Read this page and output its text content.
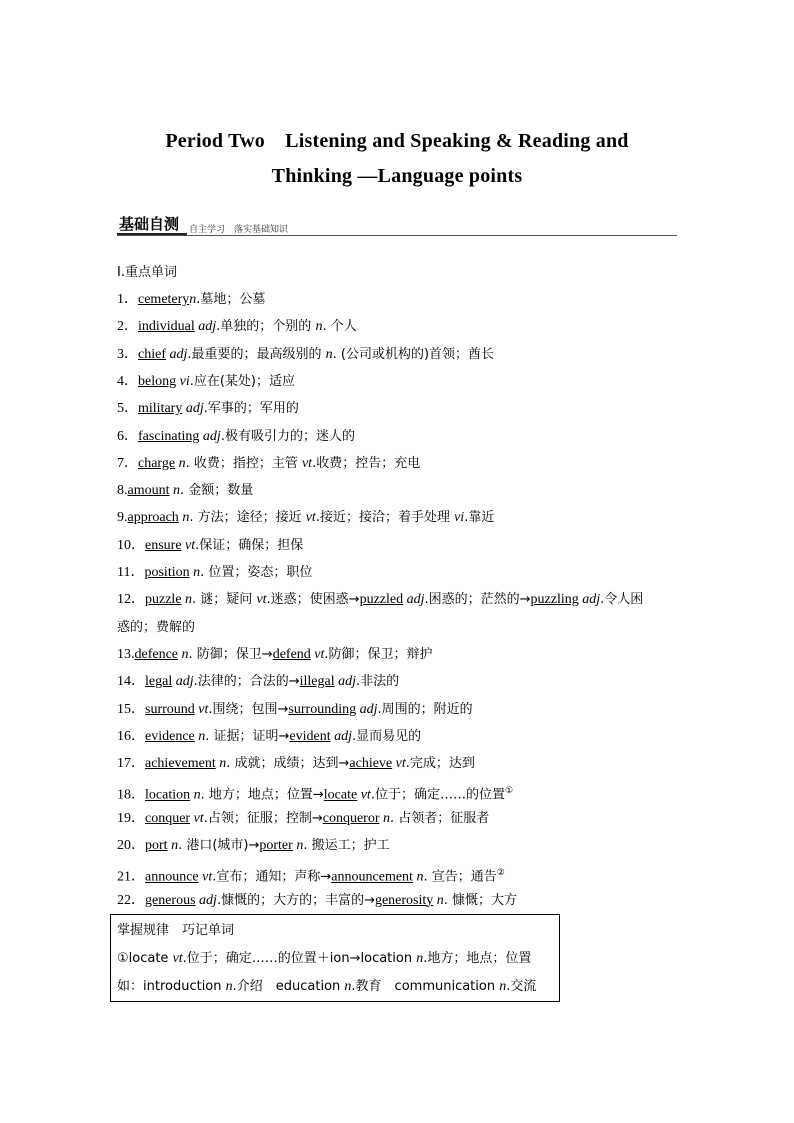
Period Two　Listening and Speaking & Reading and
Thinking —Language points
基础自测 自主学习　落实基础知识
Ⅰ.重点单词
1．cemeteryn.墓地；公墓
2．individual adj.单独的；个别的 n. 个人
3．chief adj.最重要的；最高级别的 n. (公司或机构的)首领；酋长
4．belong vi.应在(某处)；适应
5．military adj.军事的；军用的
6．fascinating adj.极有吸引力的；迷人的
7．charge n. 收费；指控；主管 vt.收费；控告；充电
8.amount n. 金额；数量
9.approach n. 方法；途径；接近 vt.接近；接洽；着手处理 vi.靠近
10．ensure vt.保证；确保；担保
11．position n. 位置；姿态；职位
12．puzzle n. 谜；疑问 vt.迷惑；使困惑→puzzled adj.困惑的；茫然的→puzzling adj.令人困
惑的；费解的
13.defence n. 防御；保卫→defend vt.防御；保卫；辩护
14．legal adj.法律的；合法的→illegal adj.非法的
15．surround vt.围绕；包围→surrounding adj.周围的；附近的
16．evidence n. 证据；证明→evident adj.显而易见的
17．achievement n. 成就；成绩；达到→achieve vt.完成；达到
18．location n. 地方；地点；位置→locate vt.位于；确定……的位置①
19．conquer vt.占领；征服；控制→conqueror n. 占领者；征服者
20．port n. 港口(城市)→porter n. 搬运工；护工
21．announce vt.宣布；通知；声称→announcement n. 宣告；通告②
22．generous adj.慷慨的；大方的；丰富的→generosity n. 慷慨；大方
掌握规律　巧记单词
①locate vt.位于；确定……的位置＋ion→location n.地方；地点；位置
如：introduction n.介绍　education n.教育　communication n.交流
